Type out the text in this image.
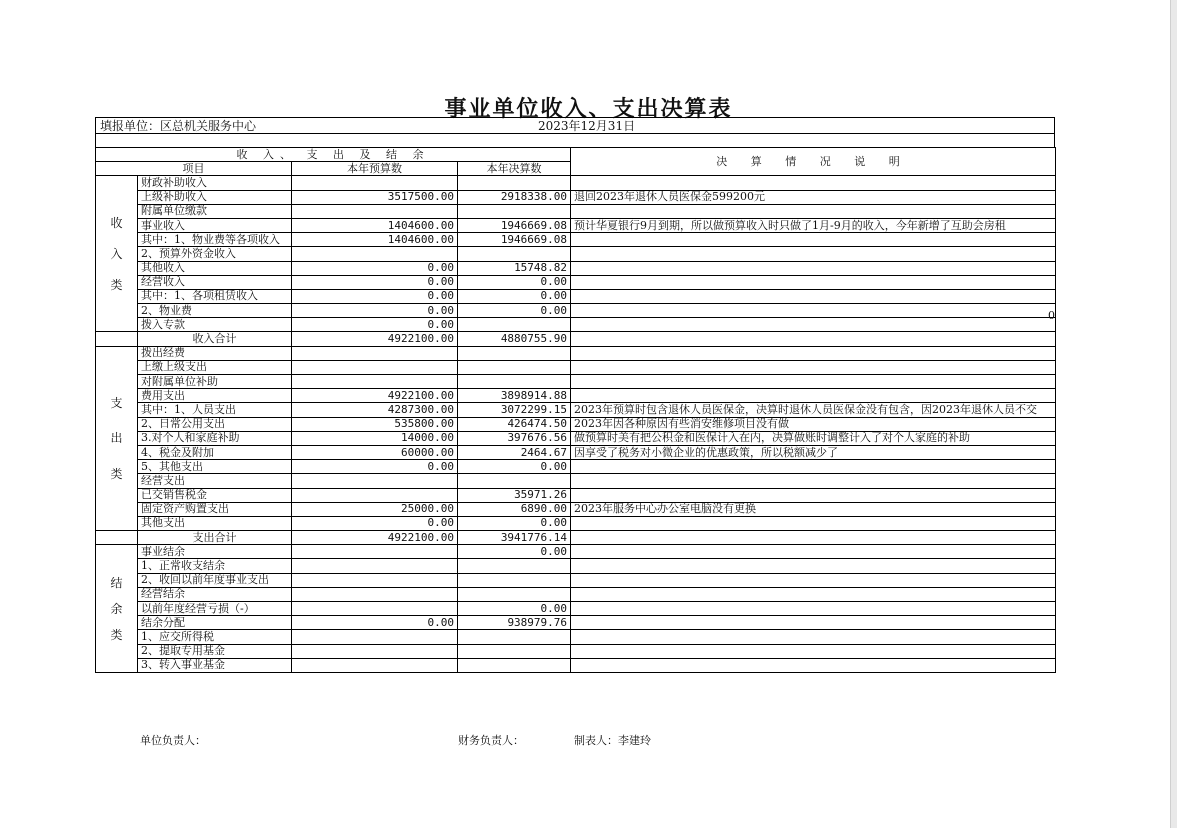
事业单位收入、支出决算表
填报单位：区总机关服务中心	2023年12月31日
收 入、 支 出 及 结 余				决 算 情 况 说 明
项目		本年预算数	本年决算数	

收
入
类	财政补助收入			
	上级补助收入	3517500.00	2918338.00	退回2023年退休人员医保金599200元
	附属单位缴款			
	事业收入	1404600.00	1946669.08	预计华夏银行9月到期，所以做预算收入时只做了1月-9月的收入，今年新增了互助会房租
	其中：1、物业费等各项收入	1404600.00	1946669.08	
	2、预算外资金收入			
	其他收入	0.00	15748.82	
	经营收入	0.00	0.00	
	其中：1、各项租赁收入	0.00	0.00	
	2、物业费	0.00	0.00	
	拨入专款	0.00		
	收入合计	4922100.00	4880755.90	

支
出
类	拨出经费			
	上缴上级支出			
	对附属单位补助			
	费用支出	4922100.00	3898914.88	
	其中：1、人员支出	4287300.00	3072299.15	2023年预算时包含退休人员医保金，决算时退休人员医保金没有包含，因2023年退休人员不交
	2、日常公用支出	535800.00	426474.50	2023年因各种原因有些消安维修项目没有做
	3.对个人和家庭补助	14000.00	397676.56	做预算时美有把公积金和医保计入在内，决算做账时调整计入了对个人家庭的补助
	4、税金及附加	60000.00	2464.67	因享受了税务对小微企业的优惠政策，所以税额减少了
	5、其他支出	0.00	0.00	
	经营支出			
	已交销售税金		35971.26	
	固定资产购置支出	25000.00	6890.00	2023年服务中心办公室电脑没有更换
	其他支出	0.00	0.00	
	支出合计	4922100.00	3941776.14	

结
余
类	事业结余		0.00	
	1、正常收支结余			
	2、收回以前年度事业支出			
	经营结余			
	以前年度经营亏损（-）		0.00	
	结余分配	0.00	938979.76	
	1、应交所得税			
	2、提取专用基金			
	3、转入事业基金			
0
单位负责人：	财务负责人：	制表人：李建玲
